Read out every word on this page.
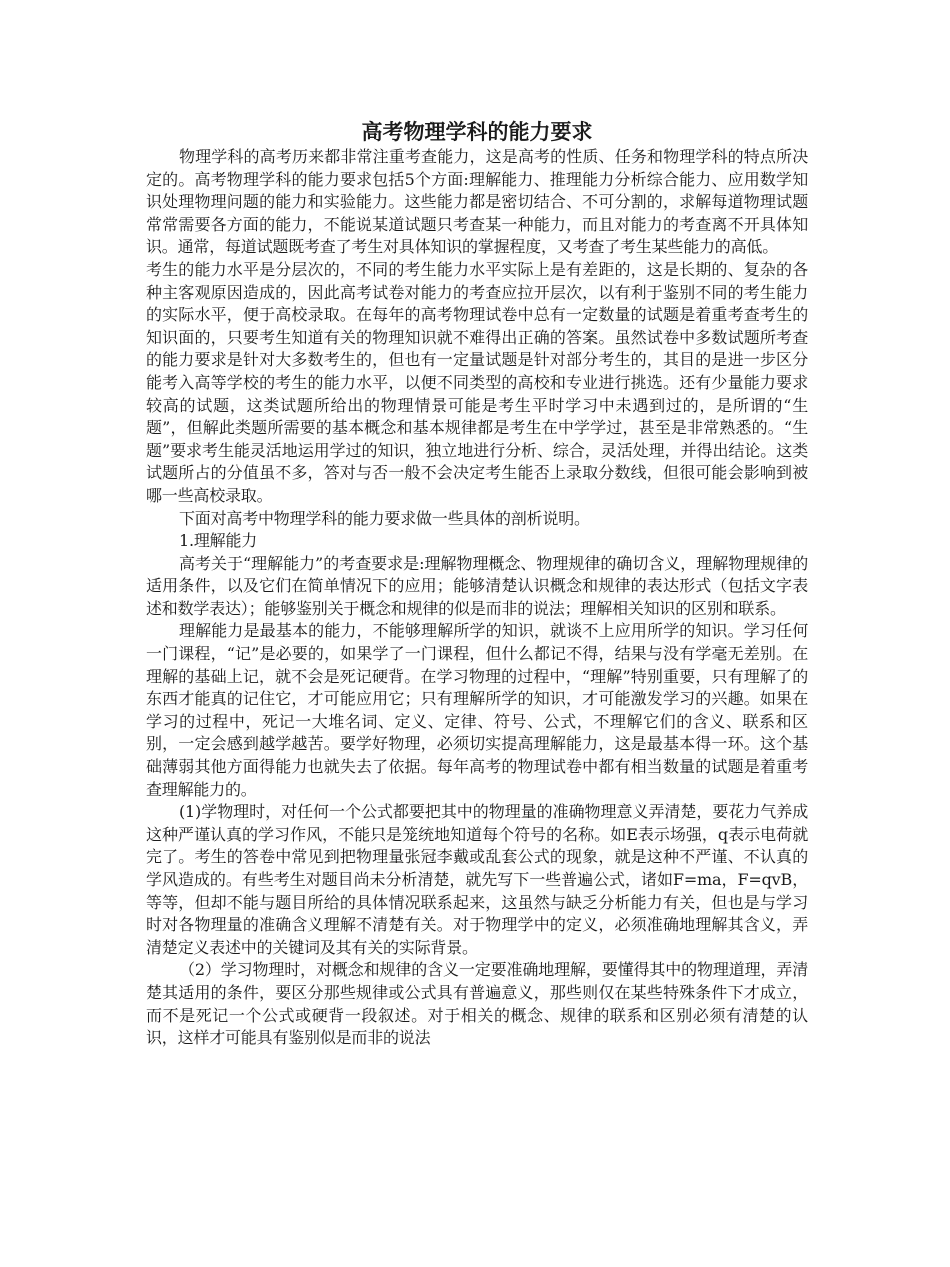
高考物理学科的能力要求

物理学科的高考历来都非常注重考查能力，这是高考的性质、任务和物理学科的特点所决定的。高考物理学科的能力要求包括5个方面:理解能力、推理能力分析综合能力、应用数学知识处理物理问题的能力和实验能力。这些能力都是密切结合、不可分割的，求解每道物理试题常常需要各方面的能力，不能说某道试题只考查某一种能力，而且对能力的考查离不开具体知识。通常，每道试题既考查了考生对具体知识的掌握程度，又考查了考生某些能力的高低。

考生的能力水平是分层次的，不同的考生能力水平实际上是有差距的，这是长期的、复杂的各种主客观原因造成的，因此高考试卷对能力的考查应拉开层次，以有利于鉴别不同的考生能力的实际水平，便于高校录取。在每年的高考物理试卷中总有一定数量的试题是着重考查考生的知识面的，只要考生知道有关的物理知识就不难得出正确的答案。虽然试卷中多数试题所考查的能力要求是针对大多数考生的，但也有一定量试题是针对部分考生的，其目的是进一步区分能考入高等学校的考生的能力水平，以便不同类型的高校和专业进行挑选。还有少量能力要求较高的试题，这类试题所给出的物理情景可能是考生平时学习中未遇到过的，是所谓的“生题”，但解此类题所需要的基本概念和基本规律都是考生在中学学过，甚至是非常熟悉的。“生题”要求考生能灵活地运用学过的知识，独立地进行分析、综合，灵活处理，并得出结论。这类试题所占的分值虽不多，答对与否一般不会决定考生能否上录取分数线，但很可能会影响到被哪一些高校录取。

下面对高考中物理学科的能力要求做一些具体的剖析说明。

1.理解能力

高考关于“理解能力”的考查要求是:理解物理概念、物理规律的确切含义，理解物理规律的适用条件，以及它们在简单情况下的应用；能够清楚认识概念和规律的表达形式（包括文字表述和数学表达）；能够鉴别关于概念和规律的似是而非的说法；理解相关知识的区别和联系。

理解能力是最基本的能力，不能够理解所学的知识，就谈不上应用所学的知识。学习任何一门课程，“记”是必要的，如果学了一门课程，但什么都记不得，结果与没有学毫无差别。在理解的基础上记，就不会是死记硬背。在学习物理的过程中，“理解”特别重要，只有理解了的东西才能真的记住它，才可能应用它；只有理解所学的知识，才可能激发学习的兴趣。如果在学习的过程中，死记一大堆名词、定义、定律、符号、公式，不理解它们的含义、联系和区别，一定会感到越学越苦。要学好物理，必须切实提高理解能力，这是最基本得一环。这个基础薄弱其他方面得能力也就失去了依据。每年高考的物理试卷中都有相当数量的试题是着重考查理解能力的。

(1)学物理时，对任何一个公式都要把其中的物理量的准确物理意义弄清楚，要花力气养成这种严谨认真的学习作风，不能只是笼统地知道每个符号的名称。如E表示场强，q表示电荷就完了。考生的答卷中常见到把物理量张冠李戴或乱套公式的现象，就是这种不严谨、不认真的学风造成的。有些考生对题目尚未分析清楚，就先写下一些普遍公式，诸如F=ma，F=qvB，等等，但却不能与题目所给的具体情况联系起来，这虽然与缺乏分析能力有关，但也是与学习时对各物理量的准确含义理解不清楚有关。对于物理学中的定义，必须准确地理解其含义，弄清楚定义表述中的关键词及其有关的实际背景。

（2）学习物理时，对概念和规律的含义一定要准确地理解，要懂得其中的物理道理，弄清楚其适用的条件，要区分那些规律或公式具有普遍意义，那些则仅在某些特殊条件下才成立，而不是死记一个公式或硬背一段叙述。对于相关的概念、规律的联系和区别必须有清楚的认识，这样才可能具有鉴别似是而非的说法
